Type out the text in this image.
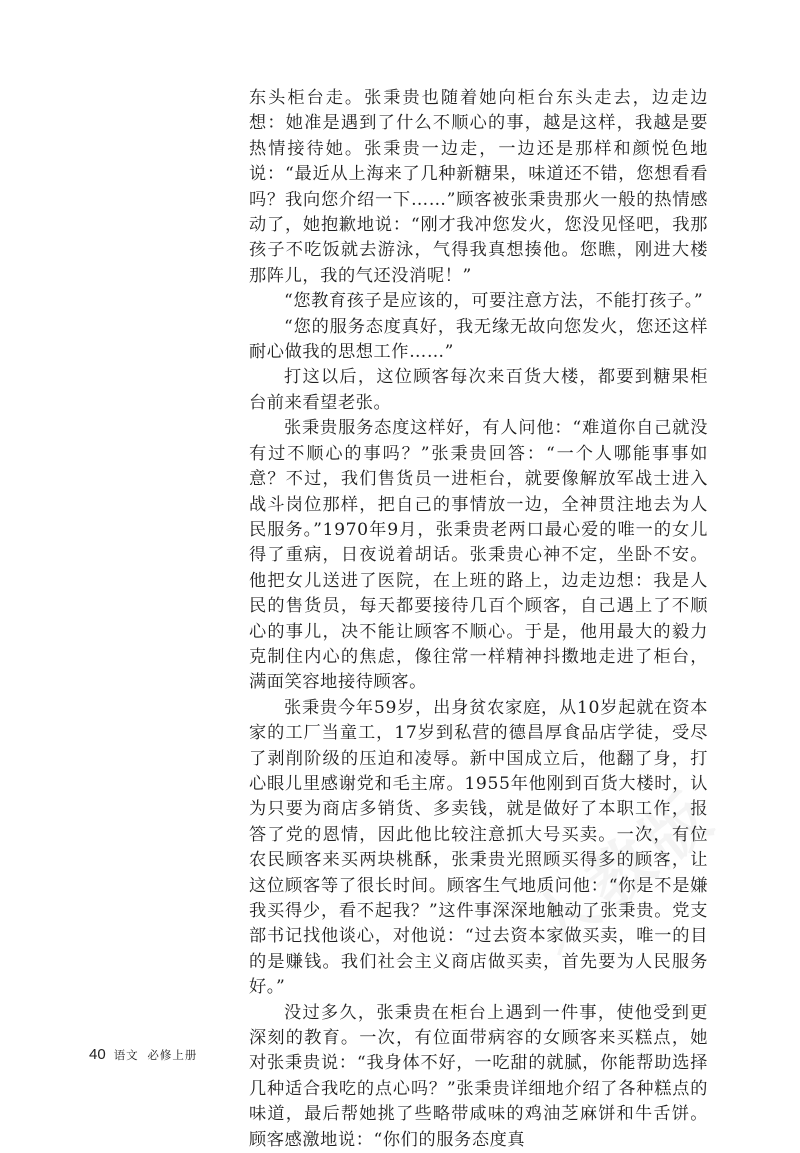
东头柜台走。张秉贵也随着她向柜台东头走去，边走边想：她准是遇到了什么不顺心的事，越是这样，我越是要热情接待她。张秉贵一边走，一边还是那样和颜悦色地说：“最近从上海来了几种新糖果，味道还不错，您想看看吗？我向您介绍一下……”顾客被张秉贵那火一般的热情感动了，她抱歉地说：“刚才我冲您发火，您没见怪吧，我那孩子不吃饭就去游泳，气得我真想揍他。您瞧，刚进大楼那阵儿，我的气还没消呢！”

“您教育孩子是应该的，可要注意方法，不能打孩子。”

“您的服务态度真好，我无缘无故向您发火，您还这样耐心做我的思想工作……”

打这以后，这位顾客每次来百货大楼，都要到糖果柜台前来看望老张。

张秉贵服务态度这样好，有人问他：“难道你自己就没有过不顺心的事吗？”张秉贵回答：“一个人哪能事事如意？不过，我们售货员一进柜台，就要像解放军战士进入战斗岗位那样，把自己的事情放一边，全神贯注地去为人民服务。”1970年9月，张秉贵老两口最心爱的唯一的女儿得了重病，日夜说着胡话。张秉贵心神不定，坐卧不安。他把女儿送进了医院，在上班的路上，边走边想：我是人民的售货员，每天都要接待几百个顾客，自己遇上了不顺心的事儿，决不能让顾客不顺心。于是，他用最大的毅力克制住内心的焦虑，像往常一样精神抖擞地走进了柜台，满面笑容地接待顾客。

张秉贵今年59岁，出身贫农家庭，从10岁起就在资本家的工厂当童工，17岁到私营的德昌厚食品店学徒，受尽了剥削阶级的压迫和凌辱。新中国成立后，他翻了身，打心眼儿里感谢党和毛主席。1955年他刚到百货大楼时，认为只要为商店多销货、多卖钱，就是做好了本职工作，报答了党的恩情，因此他比较注意抓大号买卖。一次，有位农民顾客来买两块桃酥，张秉贵光照顾买得多的顾客，让这位顾客等了很长时间。顾客生气地质问他：“你是不是嫌我买得少，看不起我？”这件事深深地触动了张秉贵。党支部书记找他谈心，对他说：“过去资本家做买卖，唯一的目的是赚钱。我们社会主义商店做买卖，首先要为人民服务好。”

没过多久，张秉贵在柜台上遇到一件事，使他受到更深刻的教育。一次，有位面带病容的女顾客来买糕点，她对张秉贵说：“我身体不好，一吃甜的就腻，你能帮助选择几种适合我吃的点心吗？”张秉贵详细地介绍了各种糕点的味道，最后帮她挑了些略带咸味的鸡油芝麻饼和牛舌饼。顾客感激地说：“你们的服务态度真

40 语文 必修上册
